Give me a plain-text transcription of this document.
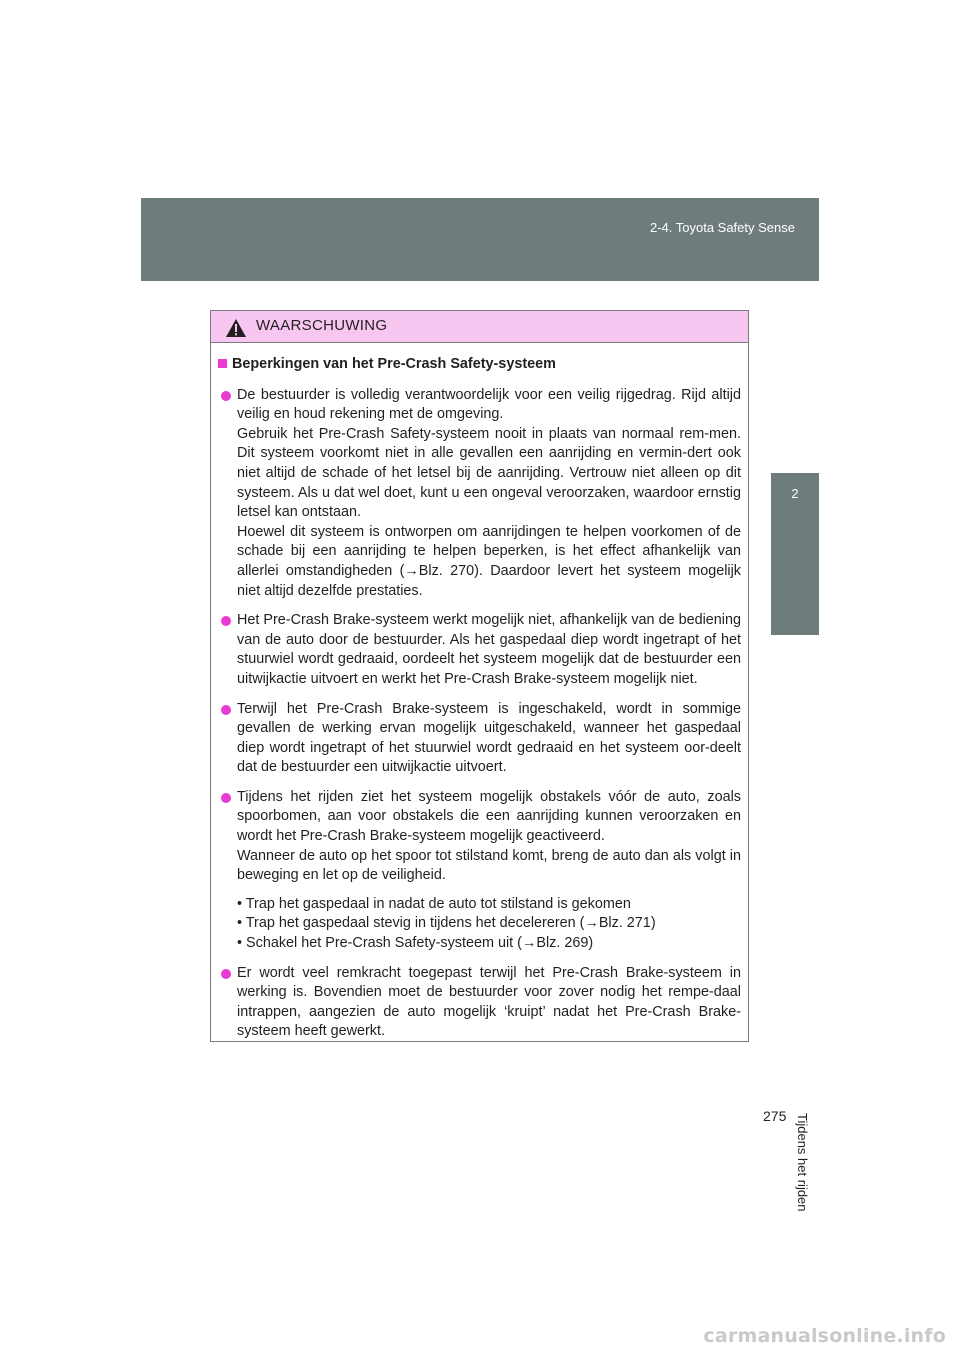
2-4. Toyota Safety Sense
2
Tijdens het rijden
WAARSCHUWING
Beperkingen van het Pre-Crash Safety-systeem

De bestuurder is volledig verantwoordelijk voor een veilig rijgedrag. Rijd altijd veilig en houd rekening met de omgeving.

Gebruik het Pre-Crash Safety-systeem nooit in plaats van normaal rem-men. Dit systeem voorkomt niet in alle gevallen een aanrijding en vermin-dert ook niet altijd de schade of het letsel bij de aanrijding. Vertrouw niet alleen op dit systeem. Als u dat wel doet, kunt u een ongeval veroorzaken, waardoor ernstig letsel kan ontstaan.

Hoewel dit systeem is ontworpen om aanrijdingen te helpen voorkomen of de schade bij een aanrijding te helpen beperken, is het effect afhankelijk van allerlei omstandigheden (→Blz. 270). Daardoor levert het systeem mogelijk niet altijd dezelfde prestaties.

Het Pre-Crash Brake-systeem werkt mogelijk niet, afhankelijk van de bediening van de auto door de bestuurder. Als het gaspedaal diep wordt ingetrapt of het stuurwiel wordt gedraaid, oordeelt het systeem mogelijk dat de bestuurder een uitwijkactie uitvoert en werkt het Pre-Crash Brake-systeem mogelijk niet.

Terwijl het Pre-Crash Brake-systeem is ingeschakeld, wordt in sommige gevallen de werking ervan mogelijk uitgeschakeld, wanneer het gaspedaal diep wordt ingetrapt of het stuurwiel wordt gedraaid en het systeem oor-deelt dat de bestuurder een uitwijkactie uitvoert.

Tijdens het rijden ziet het systeem mogelijk obstakels vóór de auto, zoals spoorbomen, aan voor obstakels die een aanrijding kunnen veroorzaken en wordt het Pre-Crash Brake-systeem mogelijk geactiveerd.

Wanneer de auto op het spoor tot stilstand komt, breng de auto dan als volgt in beweging en let op de veiligheid.

• Trap het gaspedaal in nadat de auto tot stilstand is gekomen

• Trap het gaspedaal stevig in tijdens het decelereren (→Blz. 271)

• Schakel het Pre-Crash Safety-systeem uit (→Blz. 269)

Er wordt veel remkracht toegepast terwijl het Pre-Crash Brake-systeem in werking is. Bovendien moet de bestuurder voor zover nodig het rempe-daal intrappen, aangezien de auto mogelijk ‘kruipt’ nadat het Pre-Crash Brake-systeem heeft gewerkt.

275
carmanualsonline.info
